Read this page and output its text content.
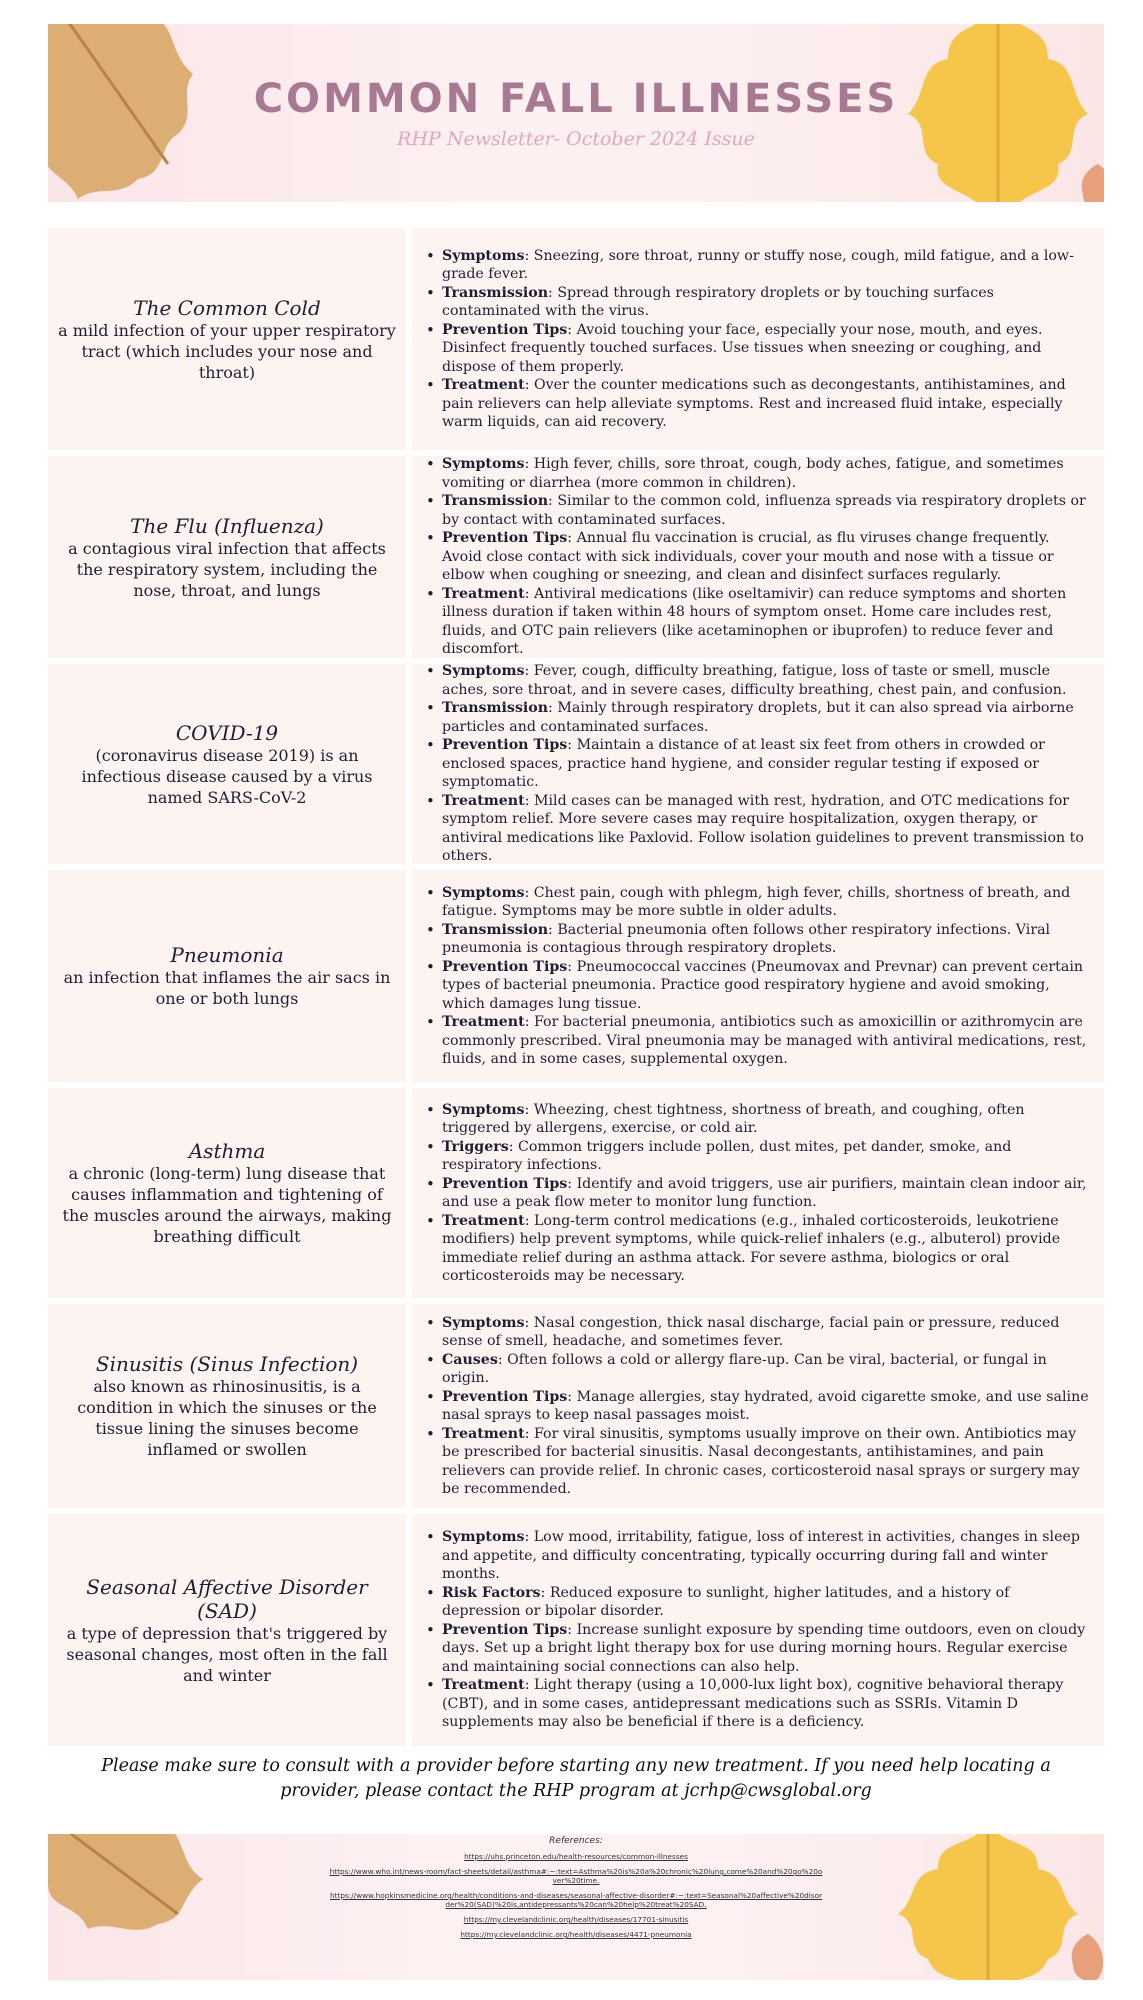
COMMON FALL ILLNESSES
RHP Newsletter- October 2024 Issue
The Common Cold
a mild infection of your upper respiratory tract (which includes your nose and throat)
• Symptoms: Sneezing, sore throat, runny or stuffy nose, cough, mild fatigue, and a low-grade fever.
• Transmission: Spread through respiratory droplets or by touching surfaces contaminated with the virus.
• Prevention Tips: Avoid touching your face, especially your nose, mouth, and eyes. Disinfect frequently touched surfaces. Use tissues when sneezing or coughing, and dispose of them properly.
• Treatment: Over the counter medications such as decongestants, antihistamines, and pain relievers can help alleviate symptoms. Rest and increased fluid intake, especially warm liquids, can aid recovery.
The Flu (Influenza)
a contagious viral infection that affects the respiratory system, including the nose, throat, and lungs
• Symptoms: High fever, chills, sore throat, cough, body aches, fatigue, and sometimes vomiting or diarrhea (more common in children).
• Transmission: Similar to the common cold, influenza spreads via respiratory droplets or by contact with contaminated surfaces.
• Prevention Tips: Annual flu vaccination is crucial, as flu viruses change frequently. Avoid close contact with sick individuals, cover your mouth and nose with a tissue or elbow when coughing or sneezing, and clean and disinfect surfaces regularly.
• Treatment: Antiviral medications (like oseltamivir) can reduce symptoms and shorten illness duration if taken within 48 hours of symptom onset. Home care includes rest, fluids, and OTC pain relievers (like acetaminophen or ibuprofen) to reduce fever and discomfort.
COVID-19
(coronavirus disease 2019) is an infectious disease caused by a virus named SARS-CoV-2
• Symptoms: Fever, cough, difficulty breathing, fatigue, loss of taste or smell, muscle aches, sore throat, and in severe cases, difficulty breathing, chest pain, and confusion.
• Transmission: Mainly through respiratory droplets, but it can also spread via airborne particles and contaminated surfaces.
• Prevention Tips: Maintain a distance of at least six feet from others in crowded or enclosed spaces, practice hand hygiene, and consider regular testing if exposed or symptomatic.
• Treatment: Mild cases can be managed with rest, hydration, and OTC medications for symptom relief. More severe cases may require hospitalization, oxygen therapy, or antiviral medications like Paxlovid. Follow isolation guidelines to prevent transmission to others.
Pneumonia
an infection that inflames the air sacs in one or both lungs
• Symptoms: Chest pain, cough with phlegm, high fever, chills, shortness of breath, and fatigue. Symptoms may be more subtle in older adults.
• Transmission: Bacterial pneumonia often follows other respiratory infections. Viral pneumonia is contagious through respiratory droplets.
• Prevention Tips: Pneumococcal vaccines (Pneumovax and Prevnar) can prevent certain types of bacterial pneumonia. Practice good respiratory hygiene and avoid smoking, which damages lung tissue.
• Treatment: For bacterial pneumonia, antibiotics such as amoxicillin or azithromycin are commonly prescribed. Viral pneumonia may be managed with antiviral medications, rest, fluids, and in some cases, supplemental oxygen.
Asthma
a chronic (long-term) lung disease that causes inflammation and tightening of the muscles around the airways, making breathing difficult
• Symptoms: Wheezing, chest tightness, shortness of breath, and coughing, often triggered by allergens, exercise, or cold air.
• Triggers: Common triggers include pollen, dust mites, pet dander, smoke, and respiratory infections.
• Prevention Tips: Identify and avoid triggers, use air purifiers, maintain clean indoor air, and use a peak flow meter to monitor lung function.
• Treatment: Long-term control medications (e.g., inhaled corticosteroids, leukotriene modifiers) help prevent symptoms, while quick-relief inhalers (e.g., albuterol) provide immediate relief during an asthma attack. For severe asthma, biologics or oral corticosteroids may be necessary.
Sinusitis (Sinus Infection)
also known as rhinosinusitis, is a condition in which the sinuses or the tissue lining the sinuses become inflamed or swollen
• Symptoms: Nasal congestion, thick nasal discharge, facial pain or pressure, reduced sense of smell, headache, and sometimes fever.
• Causes: Often follows a cold or allergy flare-up. Can be viral, bacterial, or fungal in origin.
• Prevention Tips: Manage allergies, stay hydrated, avoid cigarette smoke, and use saline nasal sprays to keep nasal passages moist.
• Treatment: For viral sinusitis, symptoms usually improve on their own. Antibiotics may be prescribed for bacterial sinusitis. Nasal decongestants, antihistamines, and pain relievers can provide relief. In chronic cases, corticosteroid nasal sprays or surgery may be recommended.
Seasonal Affective Disorder (SAD)
a type of depression that's triggered by seasonal changes, most often in the fall and winter
• Symptoms: Low mood, irritability, fatigue, loss of interest in activities, changes in sleep and appetite, and difficulty concentrating, typically occurring during fall and winter months.
• Risk Factors: Reduced exposure to sunlight, higher latitudes, and a history of depression or bipolar disorder.
• Prevention Tips: Increase sunlight exposure by spending time outdoors, even on cloudy days. Set up a bright light therapy box for use during morning hours. Regular exercise and maintaining social connections can also help.
• Treatment: Light therapy (using a 10,000-lux light box), cognitive behavioral therapy (CBT), and in some cases, antidepressant medications such as SSRIs. Vitamin D supplements may also be beneficial if there is a deficiency.
Please make sure to consult with a provider before starting any new treatment. If you need help locating a provider, please contact the RHP program at jcrhp@cwsglobal.org
References:
https://uhs.princeton.edu/health-resources/common-illnesses
https://www.who.int/news-room/fact-sheets/detail/asthma#:~:text=Asthma%20is%20a%20chronic%20lung,come%20and%20go%20over%20time.
https://www.hopkinsmedicine.org/health/conditions-and-diseases/seasonal-affective-disorder#:~:text=Seasonal%20affective%20disorder%20(SAD)%20is,antidepressants%20can%20help%20treat%20SAD.
https://my.clevelandclinic.org/health/diseases/17701-sinusitis
https://my.clevelandclinic.org/health/diseases/4471-pneumonia
